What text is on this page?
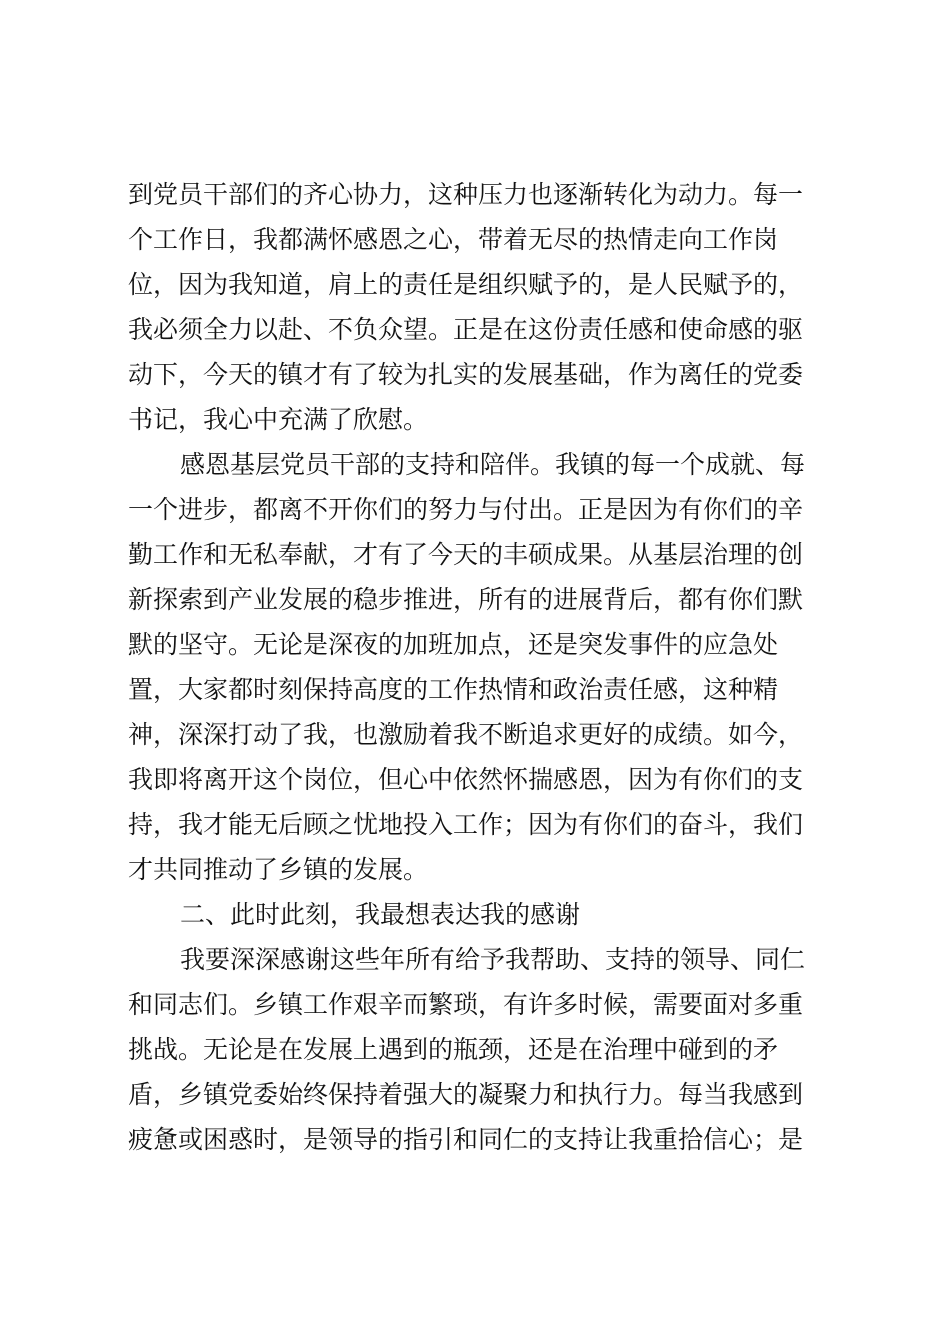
到党员干部们的齐心协力，这种压力也逐渐转化为动力。每一
个工作日，我都满怀感恩之心，带着无尽的热情走向工作岗
位，因为我知道，肩上的责任是组织赋予的，是人民赋予的，
我必须全力以赴、不负众望。正是在这份责任感和使命感的驱
动下，今天的镇才有了较为扎实的发展基础，作为离任的党委
书记，我心中充满了欣慰。
感恩基层党员干部的支持和陪伴。我镇的每一个成就、每
一个进步，都离不开你们的努力与付出。正是因为有你们的辛
勤工作和无私奉献，才有了今天的丰硕成果。从基层治理的创
新探索到产业发展的稳步推进，所有的进展背后，都有你们默
默的坚守。无论是深夜的加班加点，还是突发事件的应急处
置，大家都时刻保持高度的工作热情和政治责任感，这种精
神，深深打动了我，也激励着我不断追求更好的成绩。如今，
我即将离开这个岗位，但心中依然怀揣感恩，因为有你们的支
持，我才能无后顾之忧地投入工作；因为有你们的奋斗，我们
才共同推动了乡镇的发展。
二、此时此刻，我最想表达我的感谢
我要深深感谢这些年所有给予我帮助、支持的领导、同仁
和同志们。乡镇工作艰辛而繁琐，有许多时候，需要面对多重
挑战。无论是在发展上遇到的瓶颈，还是在治理中碰到的矛
盾，乡镇党委始终保持着强大的凝聚力和执行力。每当我感到
疲惫或困惑时，是领导的指引和同仁的支持让我重拾信心；是
